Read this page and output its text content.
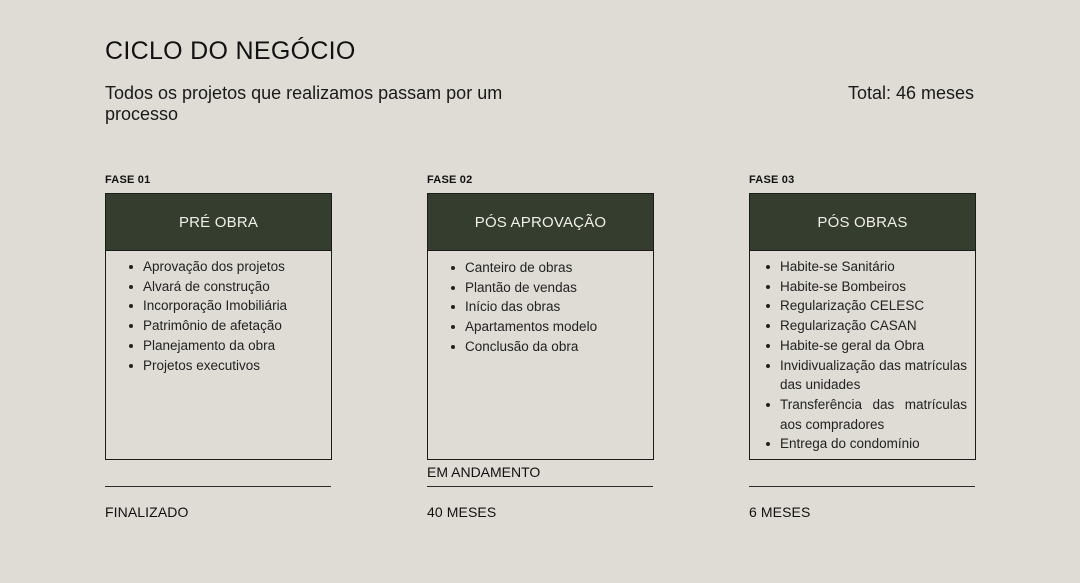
CICLO DO NEGÓCIO
Todos os projetos que realizamos passam por um processo
Total: 46 meses
FASE 01
PRÉ OBRA
Aprovação dos projetos
Alvará de construção
Incorporação Imobiliária
Patrimônio de afetação
Planejamento da obra
Projetos executivos
FASE 02
PÓS APROVAÇÃO
Canteiro de obras
Plantão de vendas
Início das obras
Apartamentos modelo
Conclusão da obra
FASE 03
PÓS OBRAS
Habite-se Sanitário
Habite-se Bombeiros
Regularização CELESC
Regularização CASAN
Habite-se geral da Obra
Invidivualização das matrículas das unidades
Transferência das matrículas aos compradores
Entrega do condomínio
EM ANDAMENTO
FINALIZADO	40 MESES	6 MESES
